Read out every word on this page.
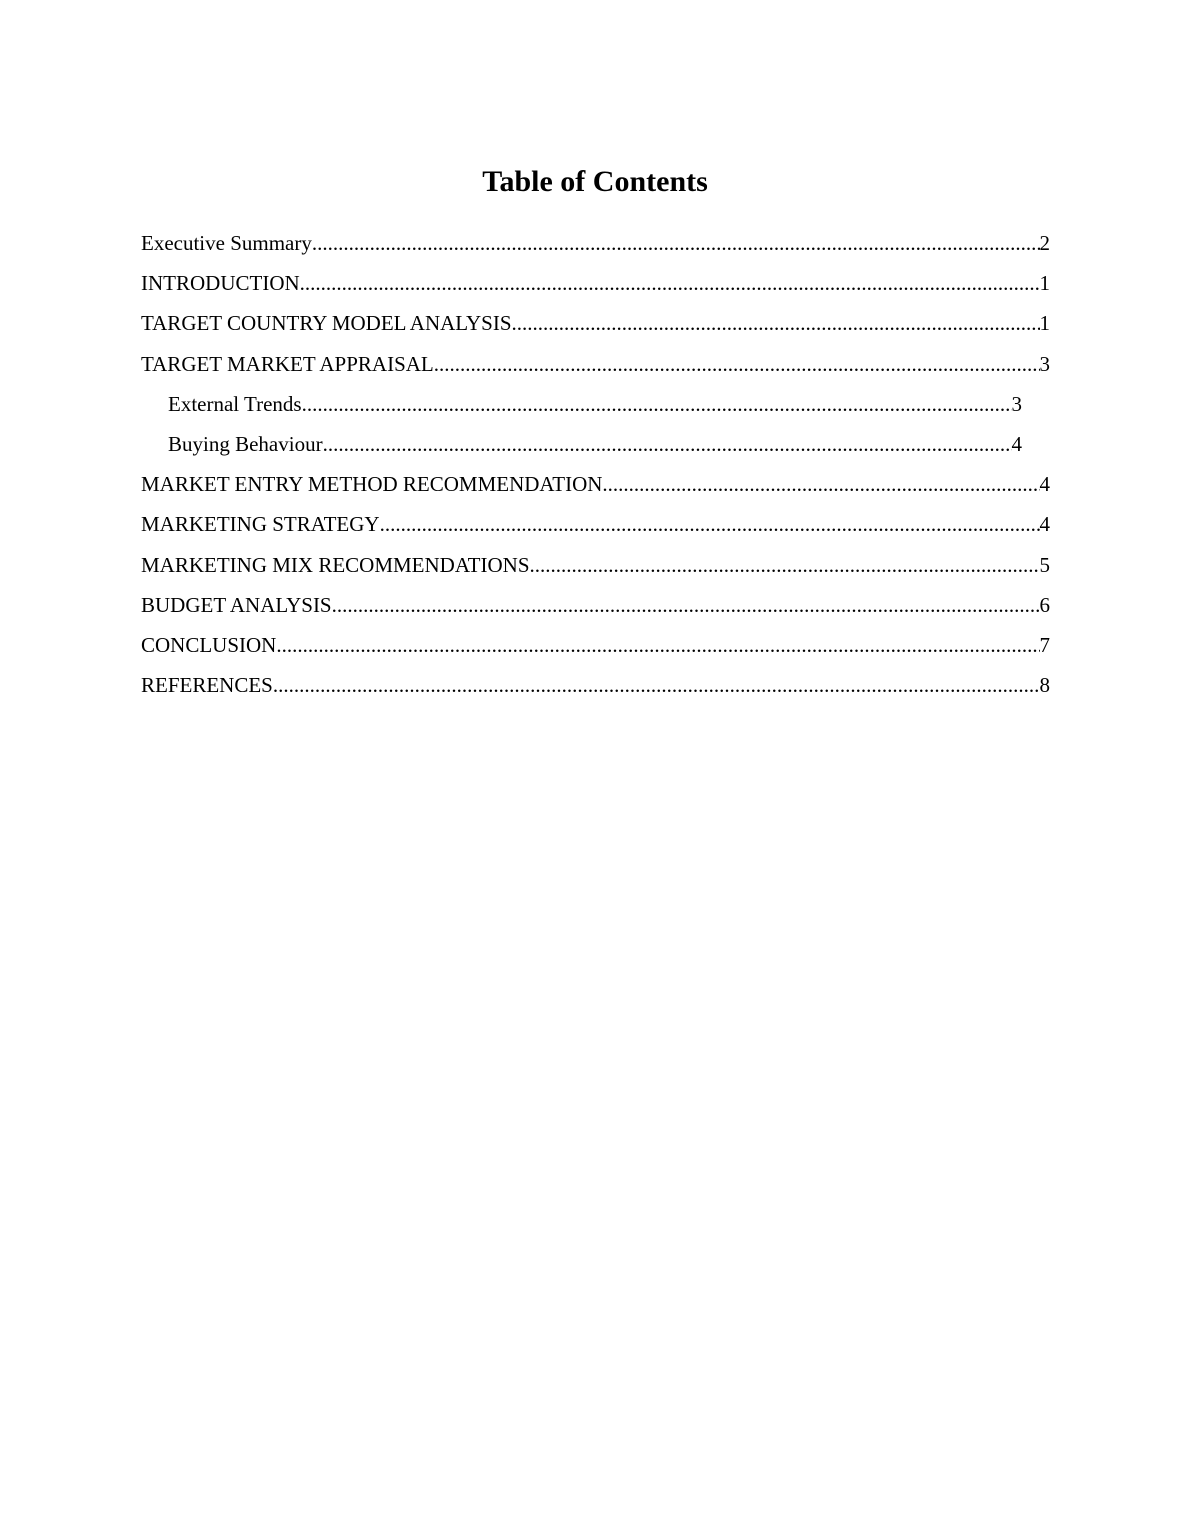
Table of Contents
Executive Summary .....	2
INTRODUCTION .....	1
TARGET COUNTRY MODEL ANALYSIS .....	1
TARGET MARKET APPRAISAL .....	3
External Trends .....	3
Buying Behaviour .....	4
MARKET ENTRY METHOD RECOMMENDATION .....	4
MARKETING STRATEGY .....	4
MARKETING MIX RECOMMENDATIONS .....	5
BUDGET ANALYSIS .....	6
CONCLUSION .....	7
REFERENCES .....	8
